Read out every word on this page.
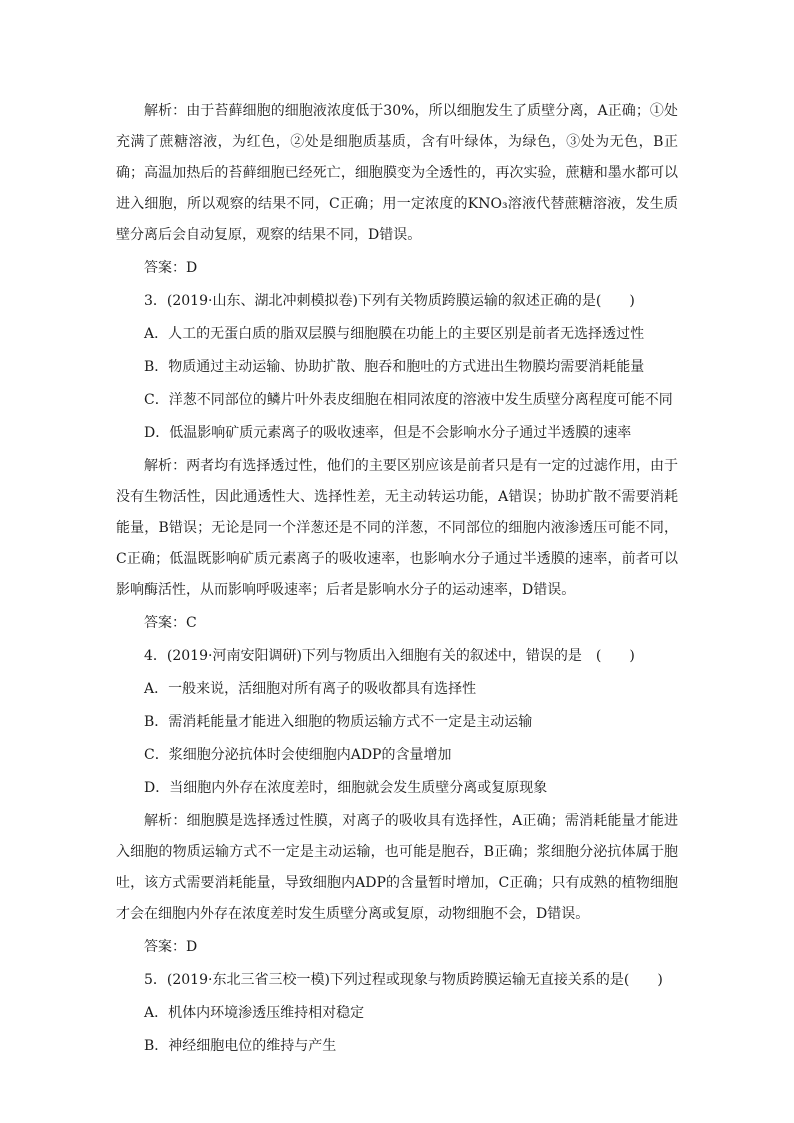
解析：由于苔藓细胞的细胞液浓度低于30%，所以细胞发生了质壁分离，A正确；①处充满了蔗糖溶液，为红色，②处是细胞质基质，含有叶绿体，为绿色，③处为无色，B正确；高温加热后的苔藓细胞已经死亡，细胞膜变为全透性的，再次实验，蔗糖和墨水都可以进入细胞，所以观察的结果不同，C正确；用一定浓度的KNO₃溶液代替蔗糖溶液，发生质壁分离后会自动复原，观察的结果不同，D错误。

答案：D

3．(2019·山东、湖北冲刺模拟卷)下列有关物质跨膜运输的叙述正确的是(　　)

A．人工的无蛋白质的脂双层膜与细胞膜在功能上的主要区别是前者无选择透过性

B．物质通过主动运输、协助扩散、胞吞和胞吐的方式进出生物膜均需要消耗能量

C．洋葱不同部位的鳞片叶外表皮细胞在相同浓度的溶液中发生质壁分离程度可能不同

D．低温影响矿质元素离子的吸收速率，但是不会影响水分子通过半透膜的速率

解析：两者均有选择透过性，他们的主要区别应该是前者只是有一定的过滤作用，由于没有生物活性，因此通透性大、选择性差，无主动转运功能，A错误；协助扩散不需要消耗能量，B错误；无论是同一个洋葱还是不同的洋葱，不同部位的细胞内液渗透压可能不同，C正确；低温既影响矿质元素离子的吸收速率，也影响水分子通过半透膜的速率，前者可以影响酶活性，从而影响呼吸速率；后者是影响水分子的运动速率，D错误。

答案：C

4．(2019·河南安阳调研)下列与物质出入细胞有关的叙述中，错误的是　(　　)

A．一般来说，活细胞对所有离子的吸收都具有选择性

B．需消耗能量才能进入细胞的物质运输方式不一定是主动运输

C．浆细胞分泌抗体时会使细胞内ADP的含量增加

D．当细胞内外存在浓度差时，细胞就会发生质壁分离或复原现象

解析：细胞膜是选择透过性膜，对离子的吸收具有选择性，A正确；需消耗能量才能进入细胞的物质运输方式不一定是主动运输，也可能是胞吞，B正确；浆细胞分泌抗体属于胞吐，该方式需要消耗能量，导致细胞内ADP的含量暂时增加，C正确；只有成熟的植物细胞才会在细胞内外存在浓度差时发生质壁分离或复原，动物细胞不会，D错误。

答案：D

5．(2019·东北三省三校一模)下列过程或现象与物质跨膜运输无直接关系的是(　　)

A．机体内环境渗透压维持相对稳定

B．神经细胞电位的维持与产生
